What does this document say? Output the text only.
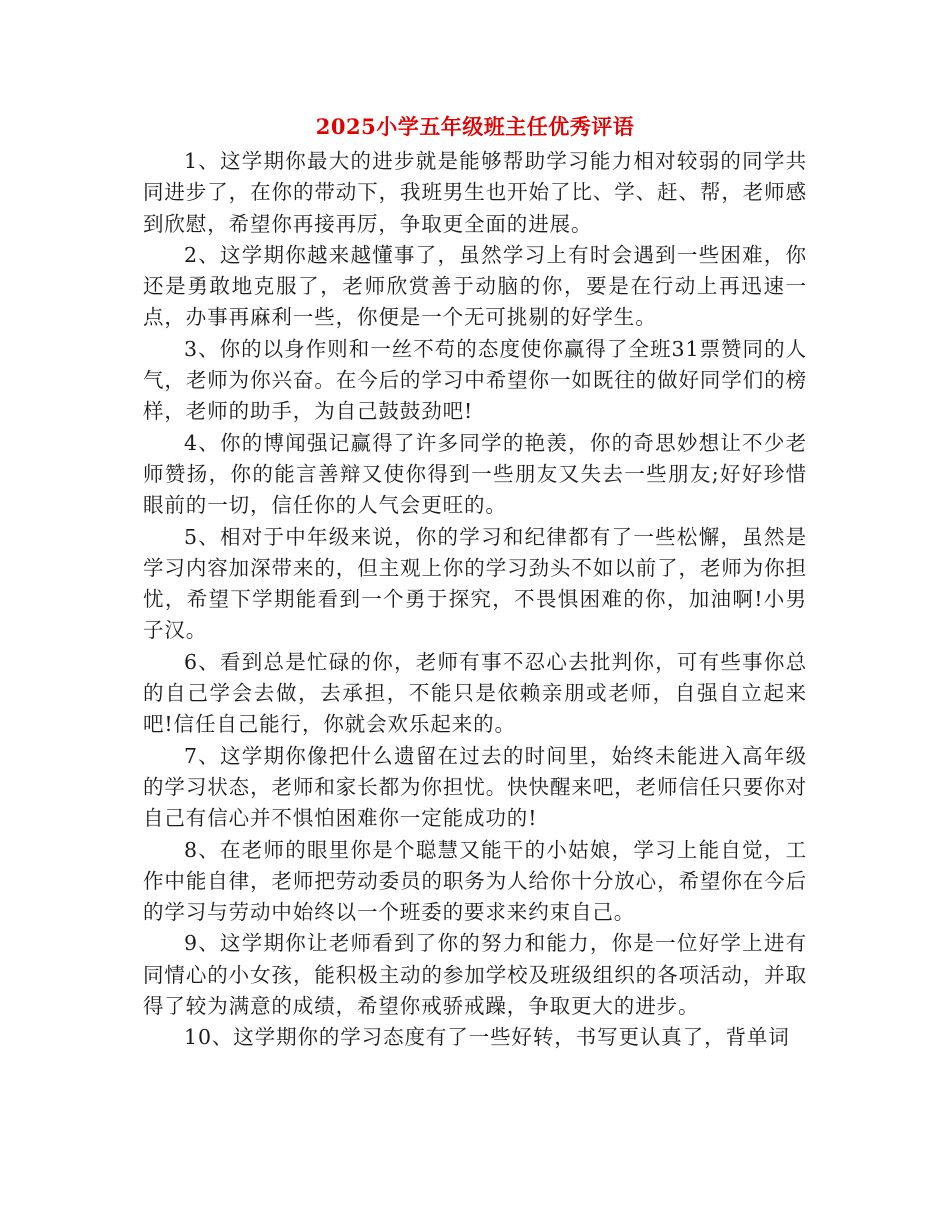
2025小学五年级班主任优秀评语

1、这学期你最大的进步就是能够帮助学习能力相对较弱的同学共同进步了，在你的带动下，我班男生也开始了比、学、赶、帮，老师感到欣慰，希望你再接再厉，争取更全面的进展。

2、这学期你越来越懂事了，虽然学习上有时会遇到一些困难，你还是勇敢地克服了，老师欣赏善于动脑的你，要是在行动上再迅速一点，办事再麻利一些，你便是一个无可挑剔的好学生。

3、你的以身作则和一丝不苟的态度使你赢得了全班31票赞同的人气，老师为你兴奋。在今后的学习中希望你一如既往的做好同学们的榜样，老师的助手，为自己鼓鼓劲吧!

4、你的博闻强记赢得了许多同学的艳羡，你的奇思妙想让不少老师赞扬，你的能言善辩又使你得到一些朋友又失去一些朋友;好好珍惜眼前的一切，信任你的人气会更旺的。

5、相对于中年级来说，你的学习和纪律都有了一些松懈，虽然是学习内容加深带来的，但主观上你的学习劲头不如以前了，老师为你担忧，希望下学期能看到一个勇于探究，不畏惧困难的你，加油啊!小男子汉。

6、看到总是忙碌的你，老师有事不忍心去批判你，可有些事你总的自己学会去做，去承担，不能只是依赖亲朋或老师，自强自立起来吧!信任自己能行，你就会欢乐起来的。

7、这学期你像把什么遗留在过去的时间里，始终未能进入高年级的学习状态，老师和家长都为你担忧。快快醒来吧，老师信任只要你对自己有信心并不惧怕困难你一定能成功的!

8、在老师的眼里你是个聪慧又能干的小姑娘，学习上能自觉，工作中能自律，老师把劳动委员的职务为人给你十分放心，希望你在今后的学习与劳动中始终以一个班委的要求来约束自己。

9、这学期你让老师看到了你的努力和能力，你是一位好学上进有同情心的小女孩，能积极主动的参加学校及班级组织的各项活动，并取得了较为满意的成绩，希望你戒骄戒躁，争取更大的进步。

10、这学期你的学习态度有了一些好转，书写更认真了，背单词
